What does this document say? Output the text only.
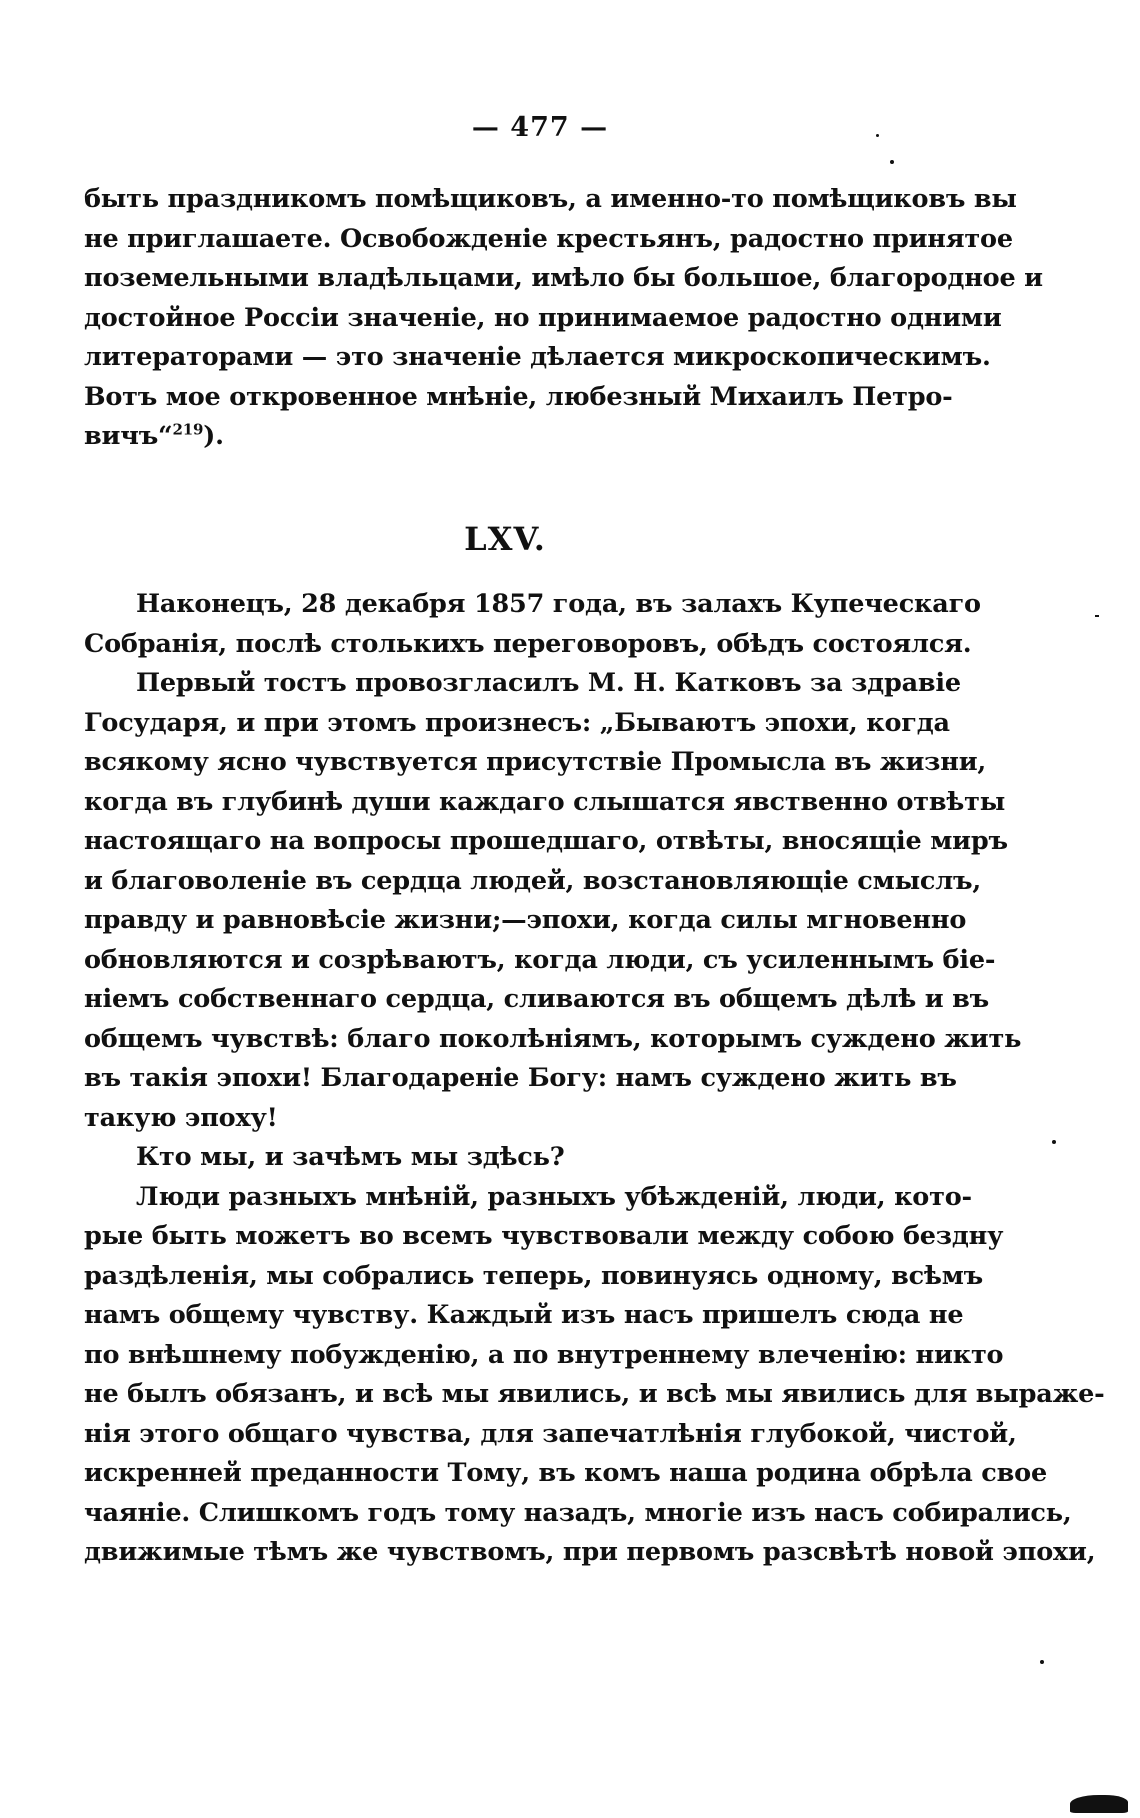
— 477 —
быть праздникомъ помѣщиковъ, а именно-то помѣщиковъ вы
не приглашаете. Освобожденіе крестьянъ, радостно принятое
поземельными владѣльцами, имѣло бы большое, благородное и
достойное Россіи значеніе, но принимаемое радостно одними
литераторами — это значеніе дѣлается микроскопическимъ.
Вотъ мое откровенное мнѣніе, любезный Михаилъ Петро-
вичъ“$^{219}$).
LXV.
Наконецъ, 28 декабря 1857 года, въ залахъ Купеческаго
Собранія, послѣ столькихъ переговоровъ, обѣдъ состоялся.
Первый тостъ провозгласилъ М. Н. Катковъ за здравіе
Государя, и при этомъ произнесъ: „Бываютъ эпохи, когда
всякому ясно чувствуется присутствіе Промысла въ жизни,
когда въ глубинѣ души каждаго слышатся явственно отвѣты
настоящаго на вопросы прошедшаго, отвѣты, вносящіе миръ
и благоволеніе въ сердца людей, возстановляющіе смыслъ,
правду и равновѣсіе жизни;—эпохи, когда силы мгновенно
обновляются и созрѣваютъ, когда люди, съ усиленнымъ біе-
ніемъ собственнаго сердца, сливаются въ общемъ дѣлѣ и въ
общемъ чувствѣ: благо поколѣніямъ, которымъ суждено жить
въ такія эпохи! Благодареніе Богу: намъ суждено жить въ
такую эпоху!
Кто мы, и зачѣмъ мы здѣсь?
Люди разныхъ мнѣній, разныхъ убѣжденій, люди, кото-
рые быть можетъ во всемъ чувствовали между собою бездну
раздѣленія, мы собрались теперь, повинуясь одному, всѣмъ
намъ общему чувству. Каждый изъ насъ пришелъ сюда не
по внѣшнему побужденію, а по внутреннему влеченію: никто
не былъ обязанъ, и всѣ мы явились, и всѣ мы явились для выраже-
нія этого общаго чувства, для запечатлѣнія глубокой, чистой,
искренней преданности Тому, въ комъ наша родина обрѣла свое
чаяніе. Слишкомъ годъ тому назадъ, многіе изъ насъ собирались,
движимые тѣмъ же чувствомъ, при первомъ разсвѣтѣ новой эпохи,
